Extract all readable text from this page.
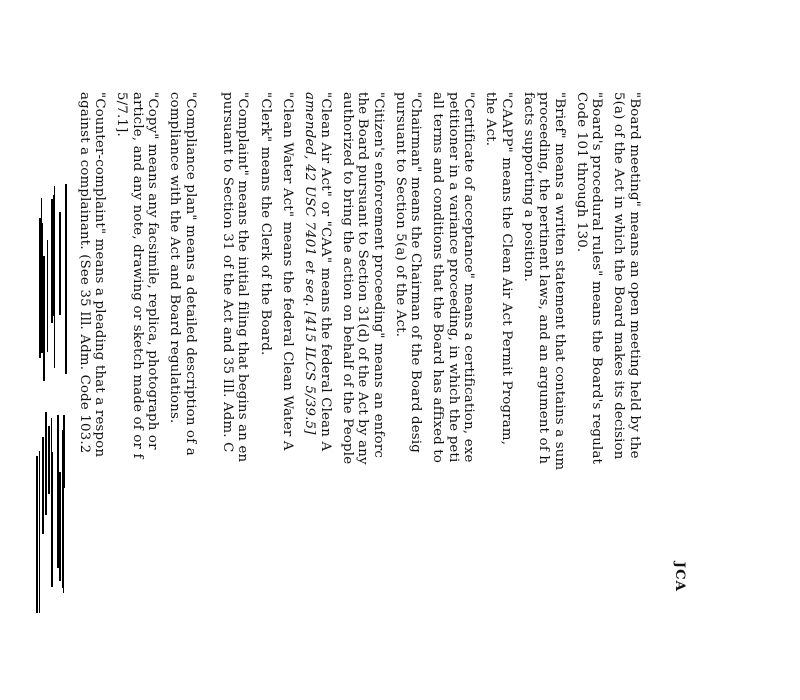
JCA
"Board meeting" means an open meeting held by the
5(a) of the Act in which the Board makes its decision
"Board's procedural rules" means the Board's regulat
Code 101 through 130.
"Brief" means a written statement that contains a sum
proceeding, the pertinent laws, and an argument of h
facts supporting a position.
"CAAPP" means the Clean Air Act Permit Program,
the Act.
"Certificate of acceptance" means a certification, exe
petitioner in a variance proceeding, in which the peti
all terms and conditions that the Board has affixed to
"Chairman" means the Chairman of the Board desig
pursuant to Section 5(a) of the Act.
"Citizen's enforcement proceeding" means an enforc
the Board pursuant to Section 31(d) of the Act by any
authorized to bring the action on behalf of the People
"Clean Air Act" or "CAA" means the federal Clean A
amended, 42 USC 7401 et seq. [415 ILCS 5/39.5]
"Clean Water Act" means the federal Clean Water A
"Clerk" means the Clerk of the Board.
"Complaint" means the initial filing that begins an en
pursuant to Section 31 of the Act and 35 Ill. Adm. C
"Compliance plan" means a detailed description of a
compliance with the Act and Board regulations.
"Copy" means any facsimile, replica, photograph or
article, and any note, drawing or sketch made of or f
5/7.1].
"Counter-complaint" means a pleading that a respon
against a complainant. (See 35 Ill. Adm. Code 103.2
